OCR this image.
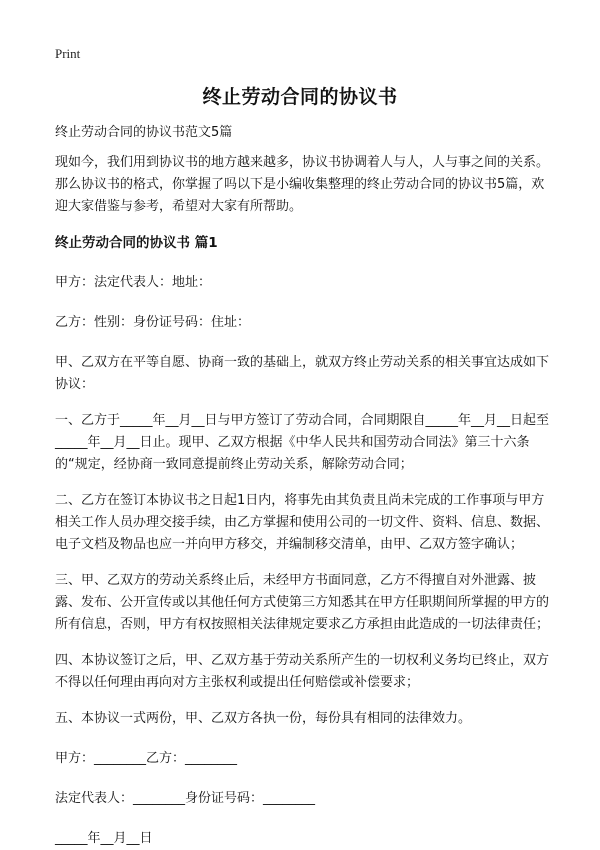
Print
终止劳动合同的协议书

终止劳动合同的协议书范文5篇

现如今，我们用到协议书的地方越来越多，协议书协调着人与人，人与事之间的关系。那么协议书的格式，你掌握了吗以下是小编收集整理的终止劳动合同的协议书5篇，欢迎大家借鉴与参考，希望对大家有所帮助。

终止劳动合同的协议书 篇1

甲方：法定代表人：地址：

乙方：性别：身份证号码：住址：

甲、乙双方在平等自愿、协商一致的基础上，就双方终止劳动关系的相关事宜达成如下协议：

一、乙方于_____年__月__日与甲方签订了劳动合同，合同期限自_____年__月__日起至_____年__月__日止。现甲、乙双方根据《中华人民共和国劳动合同法》第三十六条的“规定，经协商一致同意提前终止劳动关系，解除劳动合同；

二、乙方在签订本协议书之日起1日内，将事先由其负责且尚未完成的工作事项与甲方相关工作人员办理交接手续，由乙方掌握和使用公司的一切文件、资料、信息、数据、电子文档及物品也应一并向甲方移交，并编制移交清单，由甲、乙双方签字确认；

三、甲、乙双方的劳动关系终止后，未经甲方书面同意，乙方不得擅自对外泄露、披露、发布、公开宣传或以其他任何方式使第三方知悉其在甲方任职期间所掌握的甲方的所有信息，否则，甲方有权按照相关法律规定要求乙方承担由此造成的一切法律责任；

四、本协议签订之后，甲、乙双方基于劳动关系所产生的一切权利义务均已终止，双方不得以任何理由再向对方主张权利或提出任何赔偿或补偿要求；

五、本协议一式两份，甲、乙双方各执一份，每份具有相同的法律效力。

甲方：________乙方：________

法定代表人：________身份证号码：________

_____年__月__日
